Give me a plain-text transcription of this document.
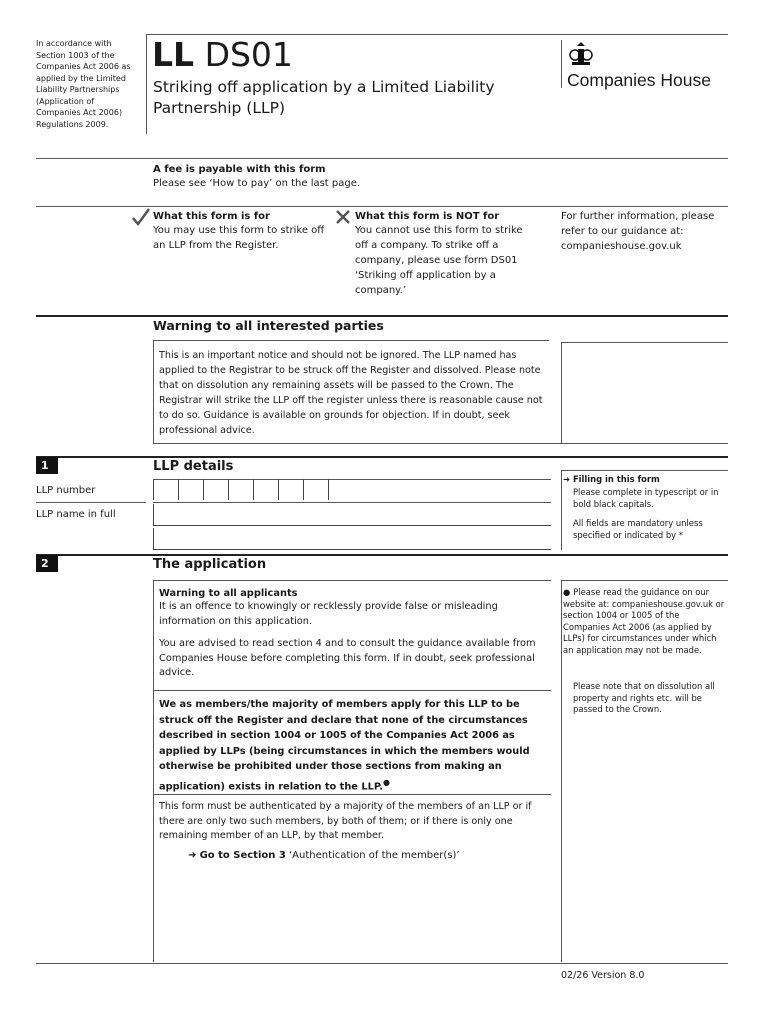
In accordance with Section 1003 of the Companies Act 2006 as applied by the Limited Liability Partnerships (Application of Companies Act 2006) Regulations 2009.
LL DS01
Striking off application by a Limited Liability
Partnership (LLP)
Companies House
A fee is payable with this form
Please see ‘How to pay’ on the last page.
What this form is for
You may use this form to strike off an LLP from the Register.
What this form is NOT for
You cannot use this form to strike off a company. To strike off a company, please use form DS01 ‘Striking off application by a company.’
For further information, please refer to our guidance at: companieshouse.gov.uk
Warning to all interested parties
This is an important notice and should not be ignored. The LLP named has applied to the Registrar to be struck off the Register and dissolved. Please note that on dissolution any remaining assets will be passed to the Crown. The Registrar will strike the LLP off the register unless there is reasonable cause not to do so. Guidance is available on grounds for objection. If in doubt, seek professional advice.
1	LLP details
LLP number
LLP name in full
➜ Filling in this form
Please complete in typescript or in bold black capitals.
All fields are mandatory unless specified or indicated by *
2	The application
Warning to all applicants
It is an offence to knowingly or recklessly provide false or misleading information on this application.
You are advised to read section 4 and to consult the guidance available from Companies House before completing this form. If in doubt, seek professional advice.
We as members/the majority of members apply for this LLP to be struck off the Register and declare that none of the circumstances described in section 1004 or 1005 of the Companies Act 2006 as applied by LLPs (being circumstances in which the members would otherwise be prohibited under those sections from making an application) exists in relation to the LLP.●
This form must be authenticated by a majority of the members of an LLP or if there are only two such members, by both of them; or if there is only one remaining member of an LLP, by that member.
➜ Go to Section 3 ‘Authentication of the member(s)’
● Please read the guidance on our website at: companieshouse.gov.uk or section 1004 or 1005 of the Companies Act 2006 (as applied by LLPs) for circumstances under which an application may not be made.
Please note that on dissolution all property and rights etc. will be passed to the Crown.
02/26 Version 8.0
